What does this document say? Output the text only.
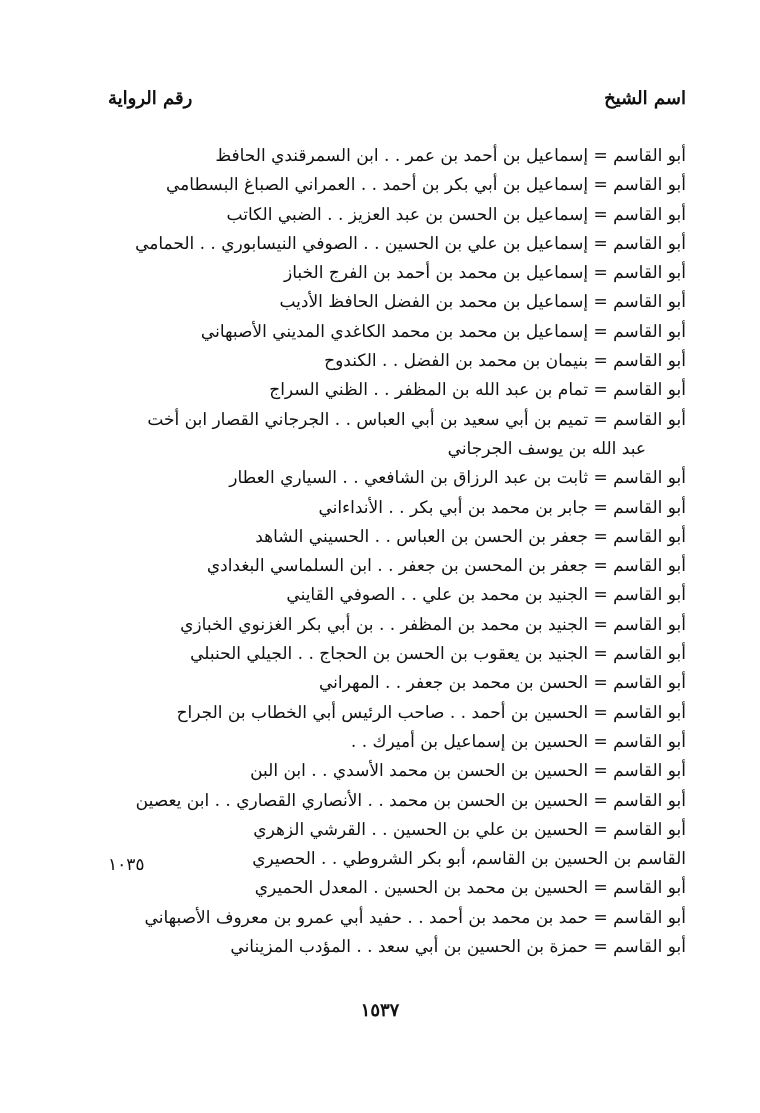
اسم الشيخ
رقم الرواية
أبو القاسم = إسماعيل بن أحمد بن عمر . . ابن السمرقندي الحافظ
أبو القاسم = إسماعيل بن أبي بكر بن أحمد . . العمراني الصباغ البسطامي
أبو القاسم = إسماعيل بن الحسن بن عبد العزيز . . الضبي الكاتب
أبو القاسم = إسماعيل بن علي بن الحسين . . الصوفي النيسابوري . . الحمامي
أبو القاسم = إسماعيل بن محمد بن أحمد بن الفرج الخباز
أبو القاسم = إسماعيل بن محمد بن الفضل الحافظ الأديب
أبو القاسم = إسماعيل بن محمد بن محمد الكاغدي المديني الأصبهاني
أبو القاسم = بنيمان بن محمد بن الفضل . . الكندوح
أبو القاسم = تمام بن عبد الله بن المظفر . . الظني السراج
أبو القاسم = تميم بن أبي سعيد بن أبي العباس . . الجرجاني القصار ابن أخت
عبد الله بن يوسف الجرجاني
أبو القاسم = ثابت بن عبد الرزاق بن الشافعي . . السياري العطار
أبو القاسم = جابر بن محمد بن أبي بكر . . الأنداءاني
أبو القاسم = جعفر بن الحسن بن العباس . . الحسيني الشاهد
أبو القاسم = جعفر بن المحسن بن جعفر . . ابن السلماسي البغدادي
أبو القاسم = الجنيد بن محمد بن علي . . الصوفي القايني
أبو القاسم = الجنيد بن محمد بن المظفر . . بن أبي بكر الغزنوي الخبازي
أبو القاسم = الجنيد بن يعقوب بن الحسن بن الحجاج . . الجيلي الحنبلي
أبو القاسم = الحسن بن محمد بن جعفر . . المهراني
أبو القاسم = الحسين بن أحمد . . صاحب الرئيس أبي الخطاب بن الجراح
أبو القاسم = الحسين بن إسماعيل بن أميرك . .
أبو القاسم = الحسين بن الحسن بن محمد الأسدي . . ابن البن
أبو القاسم = الحسين بن الحسن بن محمد . . الأنصاري القصاري . . ابن يعصين
أبو القاسم = الحسين بن علي بن الحسين . . القرشي الزهري
القاسم بن الحسين بن القاسم، أبو بكر الشروطي . . الحصيري
أبو القاسم = الحسين بن محمد بن الحسين . المعدل الحميري
أبو القاسم = حمد بن محمد بن أحمد . . حفيد أبي عمرو بن معروف الأصبهاني
أبو القاسم = حمزة بن الحسين بن أبي سعد . . المؤدب المزيناني
١٠٣٥
١٥٣٧
